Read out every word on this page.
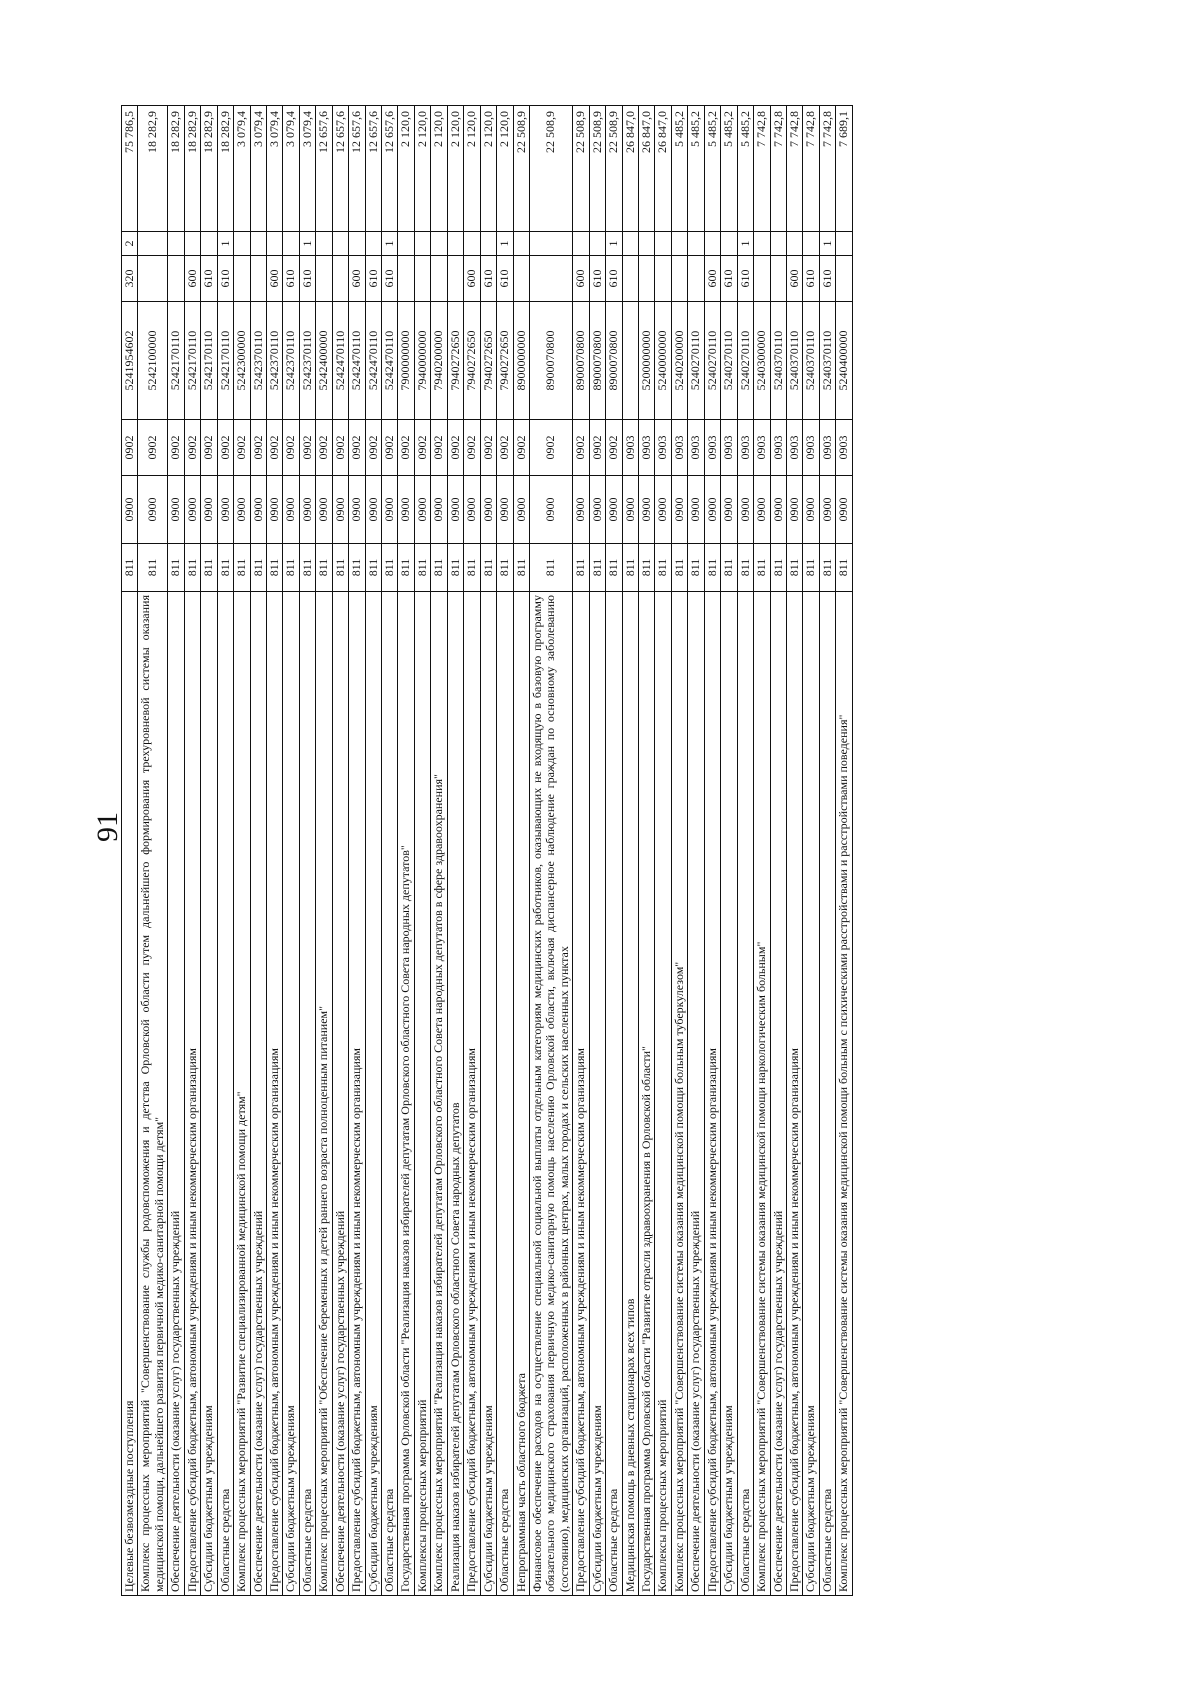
91
Целевые безвозмездные поступления	811	0900	0902	5241954602	320	2	75 786,5
Комплекс процессных мероприятий "Совершенствование службы родовспоможения и детства Орловской области путем дальнейшего формирования трехуровневой системы оказания медицинской помощи, дальнейшего развития первичной медико-санитарной помощи детям"	811	0900	0902	5242100000			18 282,9
Обеспечение деятельности (оказание услуг) государственных учреждений	811	0900	0902	5242170110			18 282,9
Предоставление субсидий бюджетным, автономным учреждениям и иным некоммерческим организациям	811	0900	0902	5242170110	600		18 282,9
Субсидии бюджетным учреждениям	811	0900	0902	5242170110	610		18 282,9
Областные средства	811	0900	0902	5242170110	610	1	18 282,9
Комплекс процессных мероприятий "Развитие специализированной медицинской помощи детям"	811	0900	0902	5242300000			3 079,4
Обеспечение деятельности (оказание услуг) государственных учреждений	811	0900	0902	5242370110			3 079,4
Предоставление субсидий бюджетным, автономным учреждениям и иным некоммерческим организациям	811	0900	0902	5242370110	600		3 079,4
Субсидии бюджетным учреждениям	811	0900	0902	5242370110	610		3 079,4
Областные средства	811	0900	0902	5242370110	610	1	3 079,4
Комплекс процессных мероприятий "Обеспечение беременных и детей раннего возраста полноценным питанием"	811	0900	0902	5242400000			12 657,6
Обеспечение деятельности (оказание услуг) государственных учреждений	811	0900	0902	5242470110			12 657,6
Предоставление субсидий бюджетным, автономным учреждениям и иным некоммерческим организациям	811	0900	0902	5242470110	600		12 657,6
Субсидии бюджетным учреждениям	811	0900	0902	5242470110	610		12 657,6
Областные средства	811	0900	0902	5242470110	610	1	12 657,6
Государственная программа Орловской области "Реализация наказов избирателей депутатам Орловского областного Совета народных депутатов"	811	0900	0902	7900000000			2 120,0
Комплексы процессных мероприятий	811	0900	0902	7940000000			2 120,0
Комплекс процессных мероприятий "Реализация наказов избирателей депутатам Орловского областного Совета народных депутатов в сфере здравоохранения"	811	0900	0902	7940200000			2 120,0
Реализация наказов избирателей депутатам Орловского областного Совета народных депутатов	811	0900	0902	7940272650			2 120,0
Предоставление субсидий бюджетным, автономным учреждениям и иным некоммерческим организациям	811	0900	0902	7940272650	600		2 120,0
Субсидии бюджетным учреждениям	811	0900	0902	7940272650	610		2 120,0
Областные средства	811	0900	0902	7940272650	610	1	2 120,0
Непрограммная часть областного бюджета	811	0900	0902	8900000000			22 508,9
Финансовое обеспечение расходов на осуществление специальной социальной выплаты отдельным категориям медицинских работников, оказывающих не входящую в базовую программу обязательного медицинского страхования первичную медико-санитарную помощь населению Орловской области, включая диспансерное наблюдение граждан по основному заболеванию (состоянию), медицинских организаций, расположенных в районных центрах, малых городах и сельских населенных пунктах	811	0900	0902	8900070800			22 508,9
Предоставление субсидий бюджетным, автономным учреждениям и иным некоммерческим организациям	811	0900	0902	8900070800	600		22 508,9
Субсидии бюджетным учреждениям	811	0900	0902	8900070800	610		22 508,9
Областные средства	811	0900	0902	8900070800	610	1	22 508,9
Медицинская помощь в дневных стационарах всех типов	811	0900	0903				26 847,0
Государственная программа Орловской области "Развитие отрасли здравоохранения в Орловской области"	811	0900	0903	5200000000			26 847,0
Комплексы процессных мероприятий	811	0900	0903	5240000000			26 847,0
Комплекс процессных мероприятий "Совершенствование системы оказания медицинской помощи больным туберкулезом"	811	0900	0903	5240200000			5 485,2
Обеспечение деятельности (оказание услуг) государственных учреждений	811	0900	0903	5240270110			5 485,2
Предоставление субсидий бюджетным, автономным учреждениям и иным некоммерческим организациям	811	0900	0903	5240270110	600		5 485,2
Субсидии бюджетным учреждениям	811	0900	0903	5240270110	610		5 485,2
Областные средства	811	0900	0903	5240270110	610	1	5 485,2
Комплекс процессных мероприятий "Совершенствование системы оказания медицинской помощи наркологическим больным"	811	0900	0903	5240300000			7 742,8
Обеспечение деятельности (оказание услуг) государственных учреждений	811	0900	0903	5240370110			7 742,8
Предоставление субсидий бюджетным, автономным учреждениям и иным некоммерческим организациям	811	0900	0903	5240370110	600		7 742,8
Субсидии бюджетным учреждениям	811	0900	0903	5240370110	610		7 742,8
Областные средства	811	0900	0903	5240370110	610	1	7 742,8
Комплекс процессных мероприятий "Совершенствование системы оказания медицинской помощи больным с психическими расстройствами и расстройствами поведения"	811	0900	0903	5240400000			7 689,1
